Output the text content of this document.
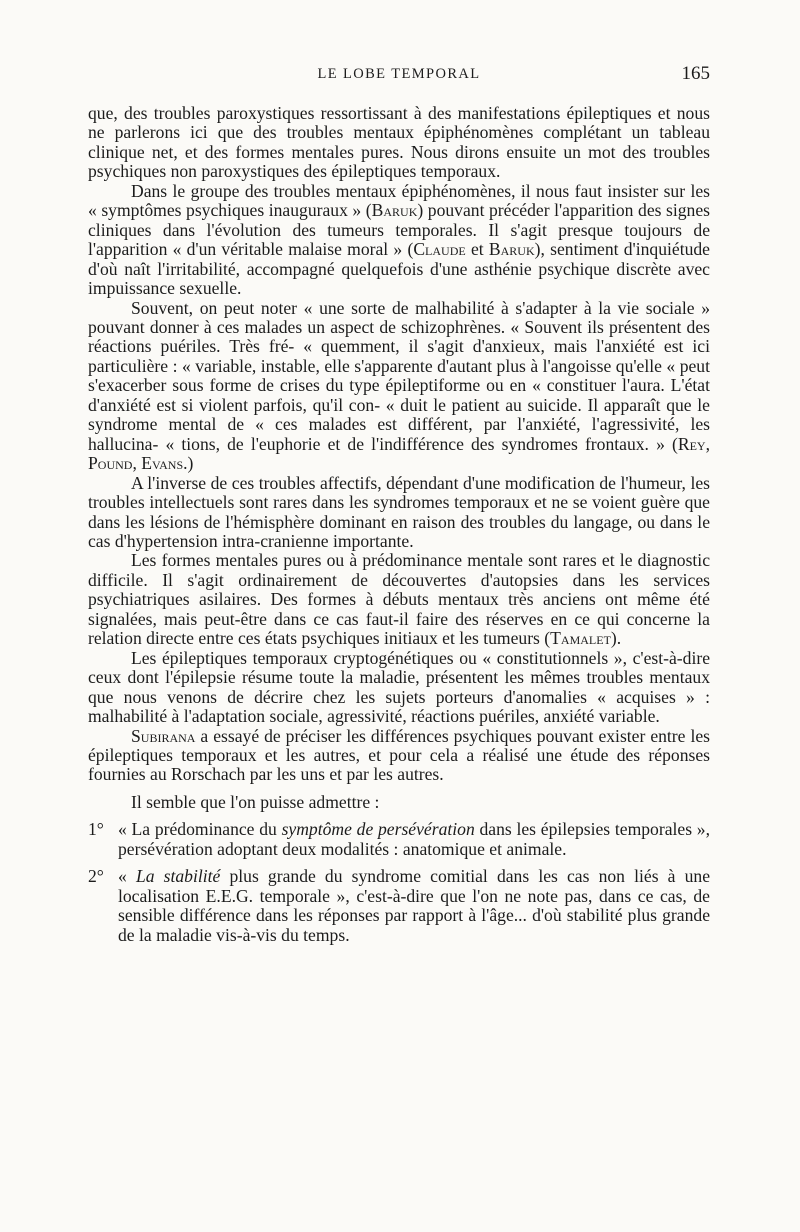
LE LOBE TEMPORAL	165

que, des troubles paroxystiques ressortissant à des manifestations épileptiques et nous ne parlerons ici que des troubles mentaux épiphénomènes complétant un tableau clinique net, et des formes mentales pures. Nous dirons ensuite un mot des troubles psychiques non paroxystiques des épileptiques temporaux.

Dans le groupe des troubles mentaux épiphénomènes, il nous faut insister sur les « symptômes psychiques inauguraux » (Baruk) pouvant précéder l'apparition des signes cliniques dans l'évolution des tumeurs temporales. Il s'agit presque toujours de l'apparition « d'un véritable malaise moral » (Claude et Baruk), sentiment d'inquiétude d'où naît l'irritabilité, accompagné quelquefois d'une asthénie psychique discrète avec impuissance sexuelle.

Souvent, on peut noter « une sorte de malhabilité à s'adapter à la vie sociale » pouvant donner à ces malades un aspect de schizophrènes. « Souvent ils présentent des réactions puériles. Très fré- « quemment, il s'agit d'anxieux, mais l'anxiété est ici particulière : « variable, instable, elle s'apparente d'autant plus à l'angoisse qu'elle « peut s'exacerber sous forme de crises du type épileptiforme ou en « constituer l'aura. L'état d'anxiété est si violent parfois, qu'il con- « duit le patient au suicide. Il apparaît que le syndrome mental de « ces malades est différent, par l'anxiété, l'agressivité, les hallucina- « tions, de l'euphorie et de l'indifférence des syndromes frontaux. » (Rey, Pound, Evans.)

A l'inverse de ces troubles affectifs, dépendant d'une modification de l'humeur, les troubles intellectuels sont rares dans les syndromes temporaux et ne se voient guère que dans les lésions de l'hémisphère dominant en raison des troubles du langage, ou dans le cas d'hypertension intra-cranienne importante.

Les formes mentales pures ou à prédominance mentale sont rares et le diagnostic difficile. Il s'agit ordinairement de découvertes d'autopsies dans les services psychiatriques asilaires. Des formes à débuts mentaux très anciens ont même été signalées, mais peut-être dans ce cas faut-il faire des réserves en ce qui concerne la relation directe entre ces états psychiques initiaux et les tumeurs (Tamalet).

Les épileptiques temporaux cryptogénétiques ou « constitutionnels », c'est-à-dire ceux dont l'épilepsie résume toute la maladie, présentent les mêmes troubles mentaux que nous venons de décrire chez les sujets porteurs d'anomalies « acquises » : malhabilité à l'adaptation sociale, agressivité, réactions puériles, anxiété variable.

Subirana a essayé de préciser les différences psychiques pouvant exister entre les épileptiques temporaux et les autres, et pour cela a réalisé une étude des réponses fournies au Rorschach par les uns et par les autres.

Il semble que l'on puisse admettre :

1° « La prédominance du symptôme de persévération dans les épilepsies temporales », persévération adoptant deux modalités : anatomique et animale.

2° « La stabilité plus grande du syndrome comitial dans les cas non liés à une localisation E.E.G. temporale », c'est-à-dire que l'on ne note pas, dans ce cas, de sensible différence dans les réponses par rapport à l'âge... d'où stabilité plus grande de la maladie vis-à-vis du temps.
